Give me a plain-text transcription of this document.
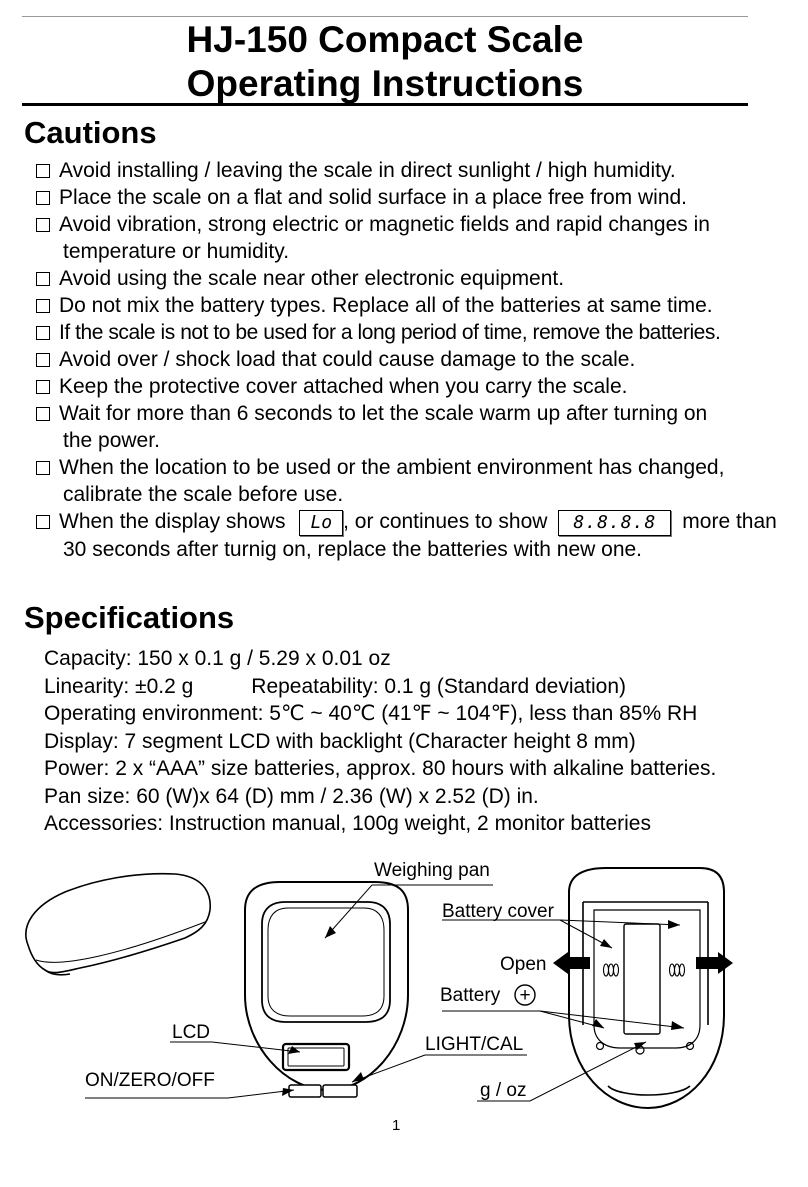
HJ-150 Compact Scale
Operating Instructions
Cautions
Avoid installing / leaving the scale in direct sunlight / high humidity.
Place the scale on a flat and solid surface in a place free from wind.
Avoid vibration, strong electric or magnetic fields and rapid changes in
temperature or humidity.
Avoid using the scale near other electronic equipment.
Do not mix the battery types. Replace all of the batteries at same time.
If the scale is not to be used for a long period of time, remove the batteries.
Avoid over / shock load that could cause damage to the scale.
Keep the protective cover attached when you carry the scale.
Wait for more than 6 seconds to let the scale warm up after turning on
the power.
When the location to be used or the ambient environment has changed,
calibrate the scale before use.
When the display shows Lo , or continues to show 8.8.8.8 more than
30 seconds after turnig on, replace the batteries with new one.
Specifications
Capacity: 150 x 0.1 g / 5.29 x 0.01 oz
Linearity: ±0.2 g	Repeatability: 0.1 g (Standard deviation)
Operating environment: 5℃ ~ 40℃ (41℉ ~ 104℉), less than 85% RH
Display: 7 segment LCD with backlight (Character height 8 mm)
Power: 2 x “AAA” size batteries, approx. 80 hours with alkaline batteries.
Pan size: 60 (W)x 64 (D) mm / 2.36 (W) x 2.52 (D) in.
Accessories: Instruction manual, 100g weight, 2 monitor batteries
+
Weighing pan
LCD
ON/ZERO/OFF
LIGHT/CAL
Battery cover
Open
Battery
g / oz
1
